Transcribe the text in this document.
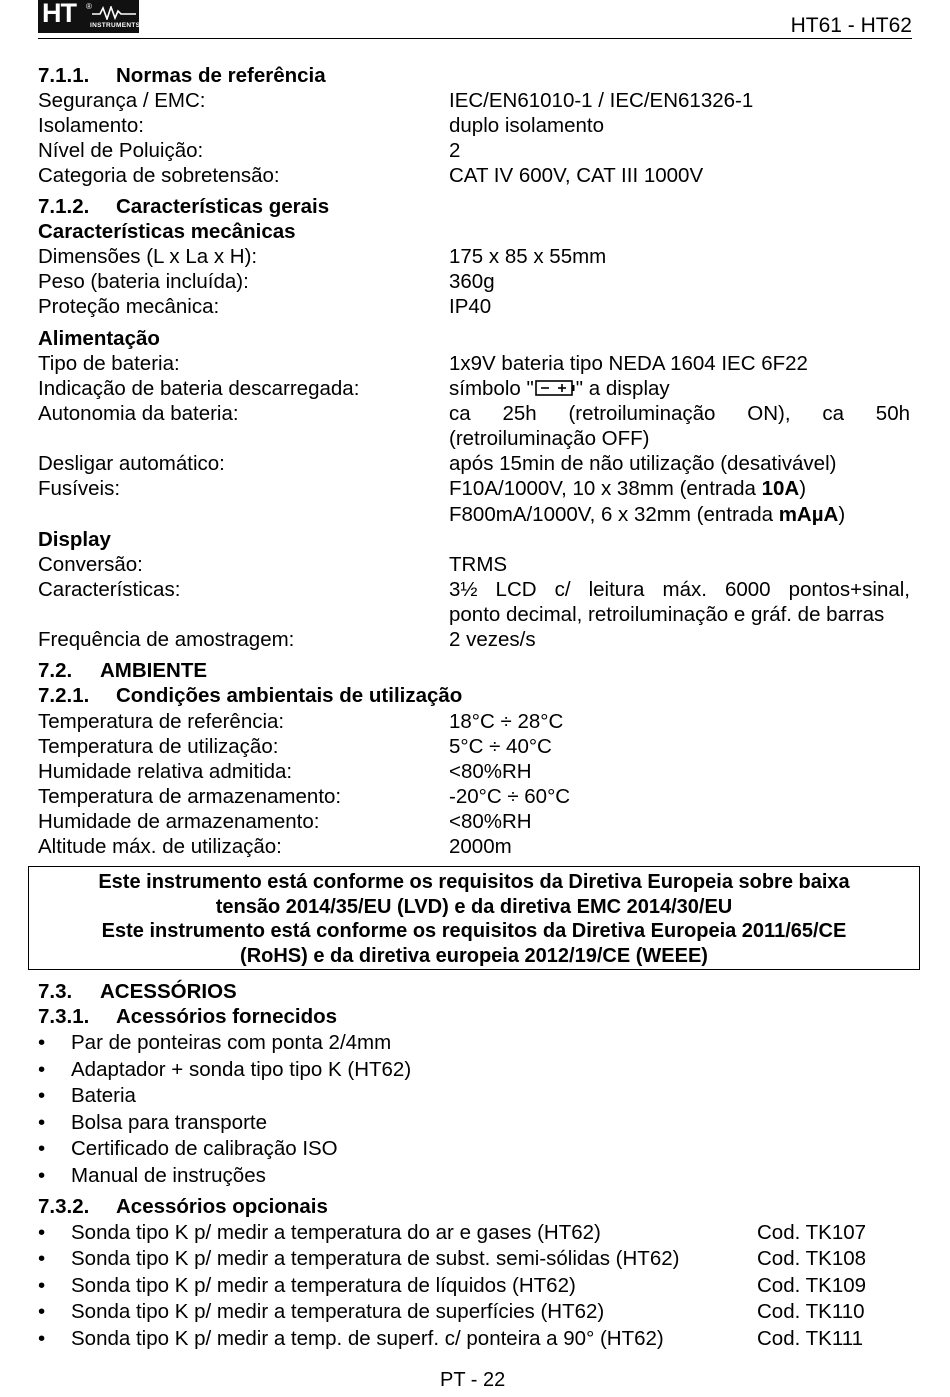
HT ®
INSTRUMENTS	HT61 - HT62
7.1.1. Normas de referência
Segurança / EMC:	IEC/EN61010-1 / IEC/EN61326-1
Isolamento:	duplo isolamento
Nível de Poluição:	2
Categoria de sobretensão:	CAT IV 600V, CAT III 1000V
7.1.2. Características gerais
Características mecânicas
Dimensões (L x La x H):	175 x 85 x 55mm
Peso (bateria incluída):	360g
Proteção mecânica:	IP40
Alimentação
Tipo de bateria:	1x9V bateria tipo NEDA 1604 IEC 6F22
Indicação de bateria descarregada:	símbolo " " a display
Autonomia da bateria:	ca 25h (retroiluminação ON), ca 50h
(retroiluminação OFF)
Desligar automático:	após 15min de não utilização (desativável)
Fusíveis:	F10A/1000V, 10 x 38mm (entrada 10A)
F800mA/1000V, 6 x 32mm (entrada mAµA)
Display
Conversão:	TRMS
Características:	3½ LCD c/ leitura máx. 6000 pontos+sinal,
ponto decimal, retroiluminação e gráf. de barras
Frequência de amostragem:	2 vezes/s
7.2. AMBIENTE
7.2.1. Condições ambientais de utilização
Temperatura de referência:	18°C ÷ 28°C
Temperatura de utilização:	5°C ÷ 40°C
Humidade relativa admitida:	<80%RH
Temperatura de armazenamento:	-20°C ÷ 60°C
Humidade de armazenamento:	<80%RH
Altitude máx. de utilização:	2000m
Este instrumento está conforme os requisitos da Diretiva Europeia sobre baixa
tensão 2014/35/EU (LVD) e da diretiva EMC 2014/30/EU
Este instrumento está conforme os requisitos da Diretiva Europeia 2011/65/CE
(RoHS) e da diretiva europeia 2012/19/CE (WEEE)
7.3. ACESSÓRIOS
7.3.1. Acessórios fornecidos
• Par de ponteiras com ponta 2/4mm
• Adaptador + sonda tipo tipo K (HT62)
• Bateria
• Bolsa para transporte
• Certificado de calibração ISO
• Manual de instruções
7.3.2. Acessórios opcionais
• Sonda tipo K p/ medir a temperatura do ar e gases (HT62)	Cod. TK107
• Sonda tipo K p/ medir a temperatura de subst. semi-sólidas (HT62)	Cod. TK108
• Sonda tipo K p/ medir a temperatura de líquidos (HT62)	Cod. TK109
• Sonda tipo K p/ medir a temperatura de superfícies (HT62)	Cod. TK110
• Sonda tipo K p/ medir a temp. de superf. c/ ponteira a 90° (HT62)	Cod. TK111
PT - 22
